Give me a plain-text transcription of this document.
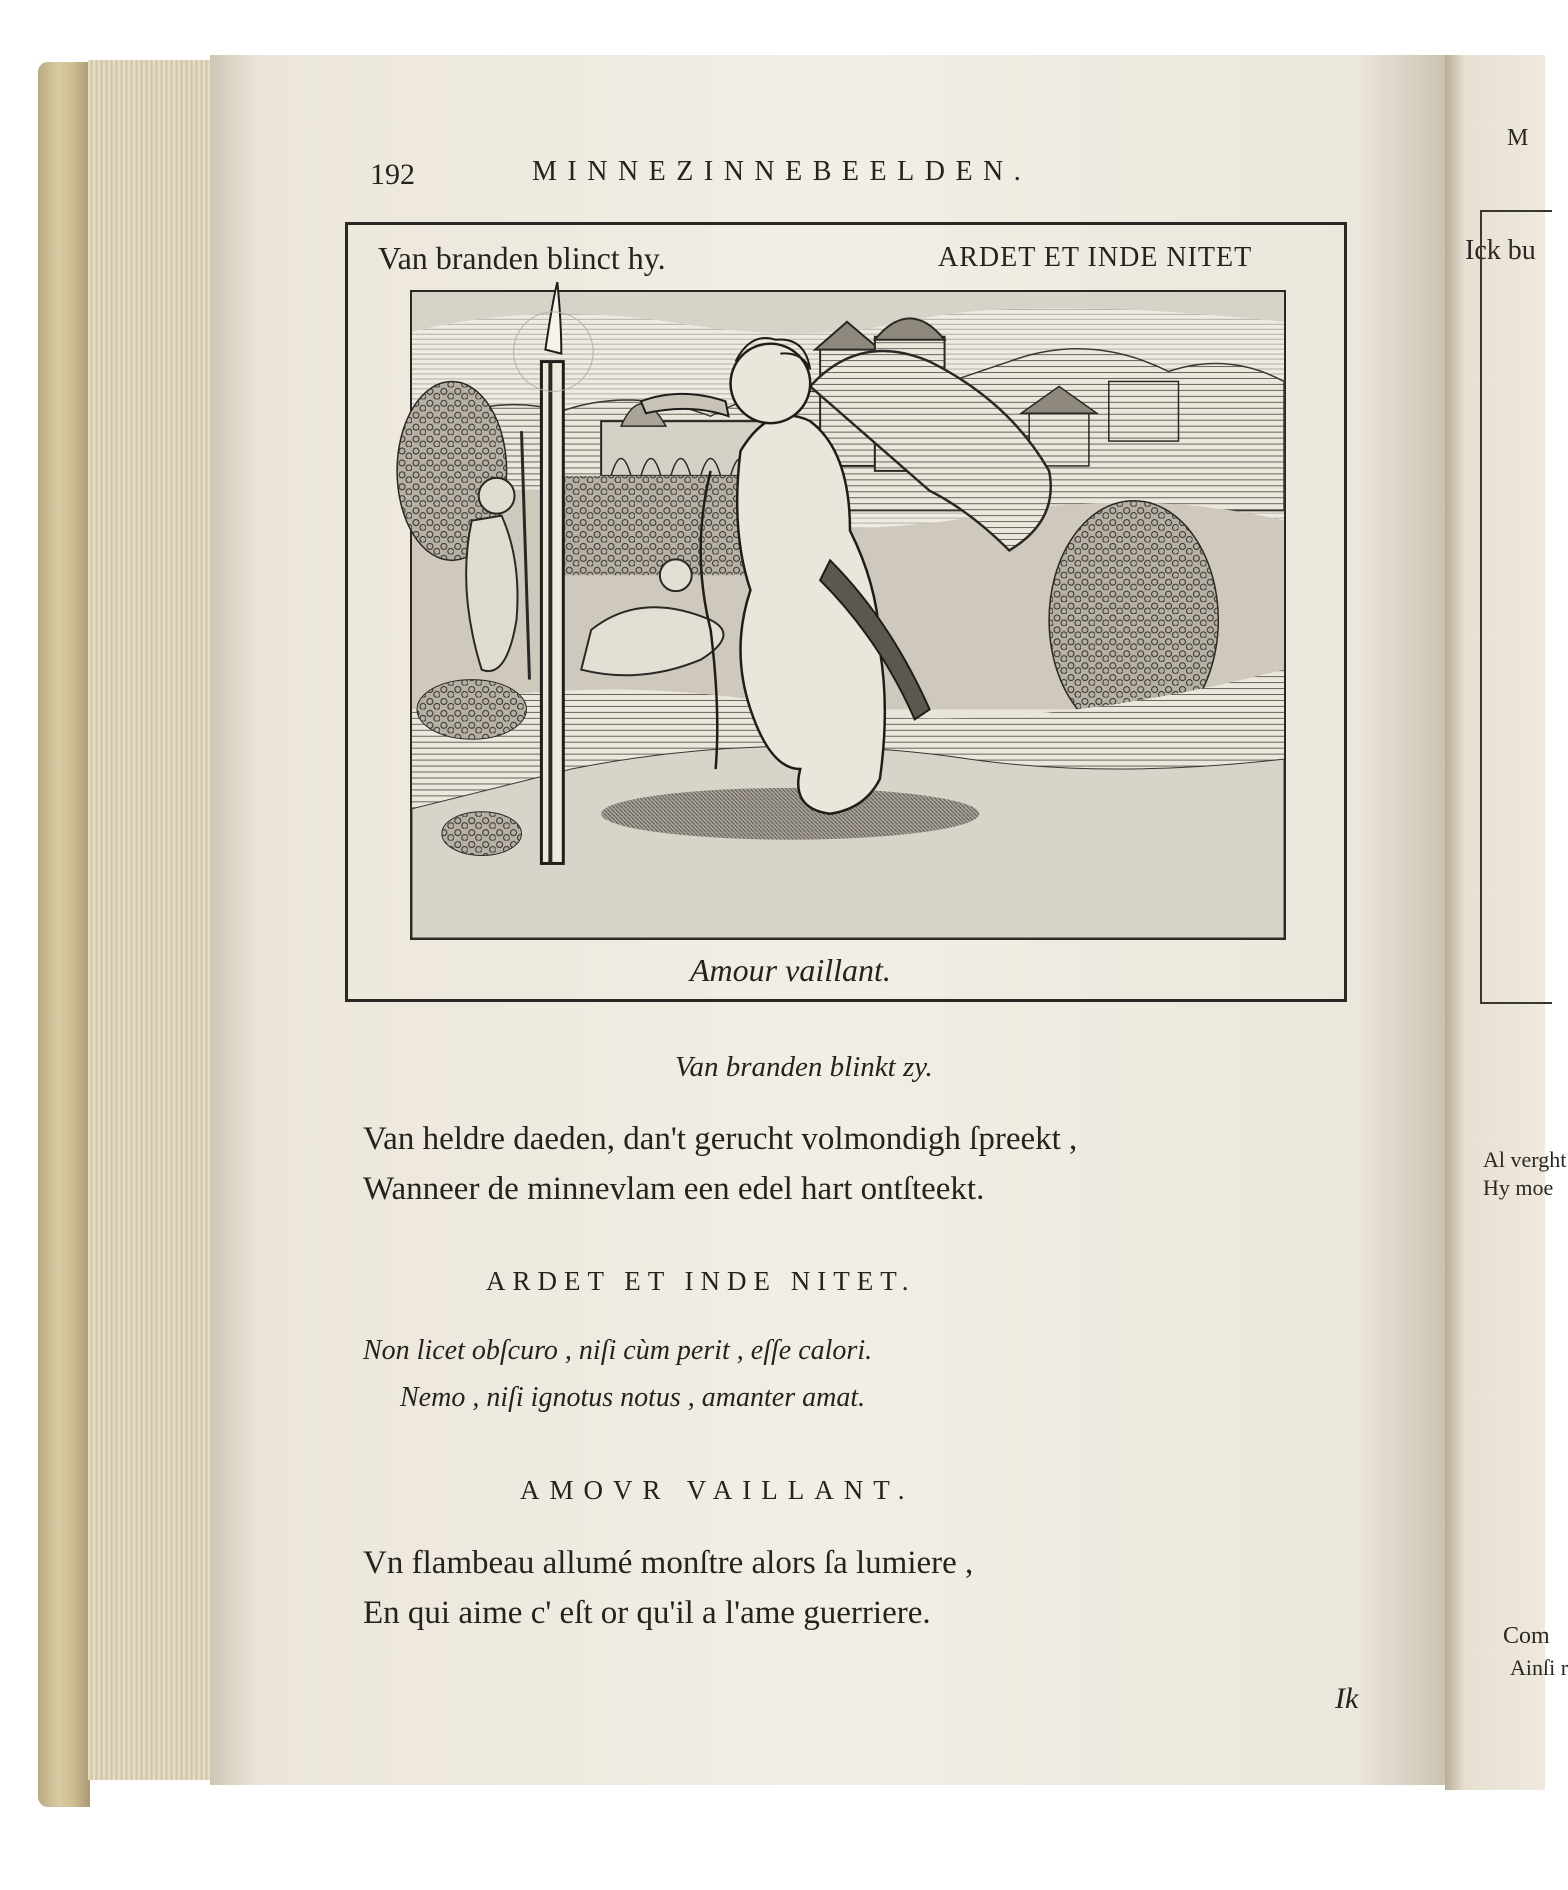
M
Ick bu
Al verght
Hy moe
Com
Ainſi r
192	MINNEZINNEBEELDEN.
Van branden blinct hy.	ARDET ET INDE NITET
Amour vaillant.
Van branden blinkt zy.
Van heldre daeden, dan't gerucht volmondigh ſpreekt ,
Wanneer de minnevlam een edel hart ontſteekt.
ARDET ET INDE NITET.
Non licet obſcuro , niſi cùm perit , eſſe calori.
Nemo , niſi ignotus notus , amanter amat.
AMOVR VAILLANT.
Vn flambeau allumé monſtre alors ſa lumiere ,
En qui aime c' eſt or qu'il a l'ame guerriere.
Ik
